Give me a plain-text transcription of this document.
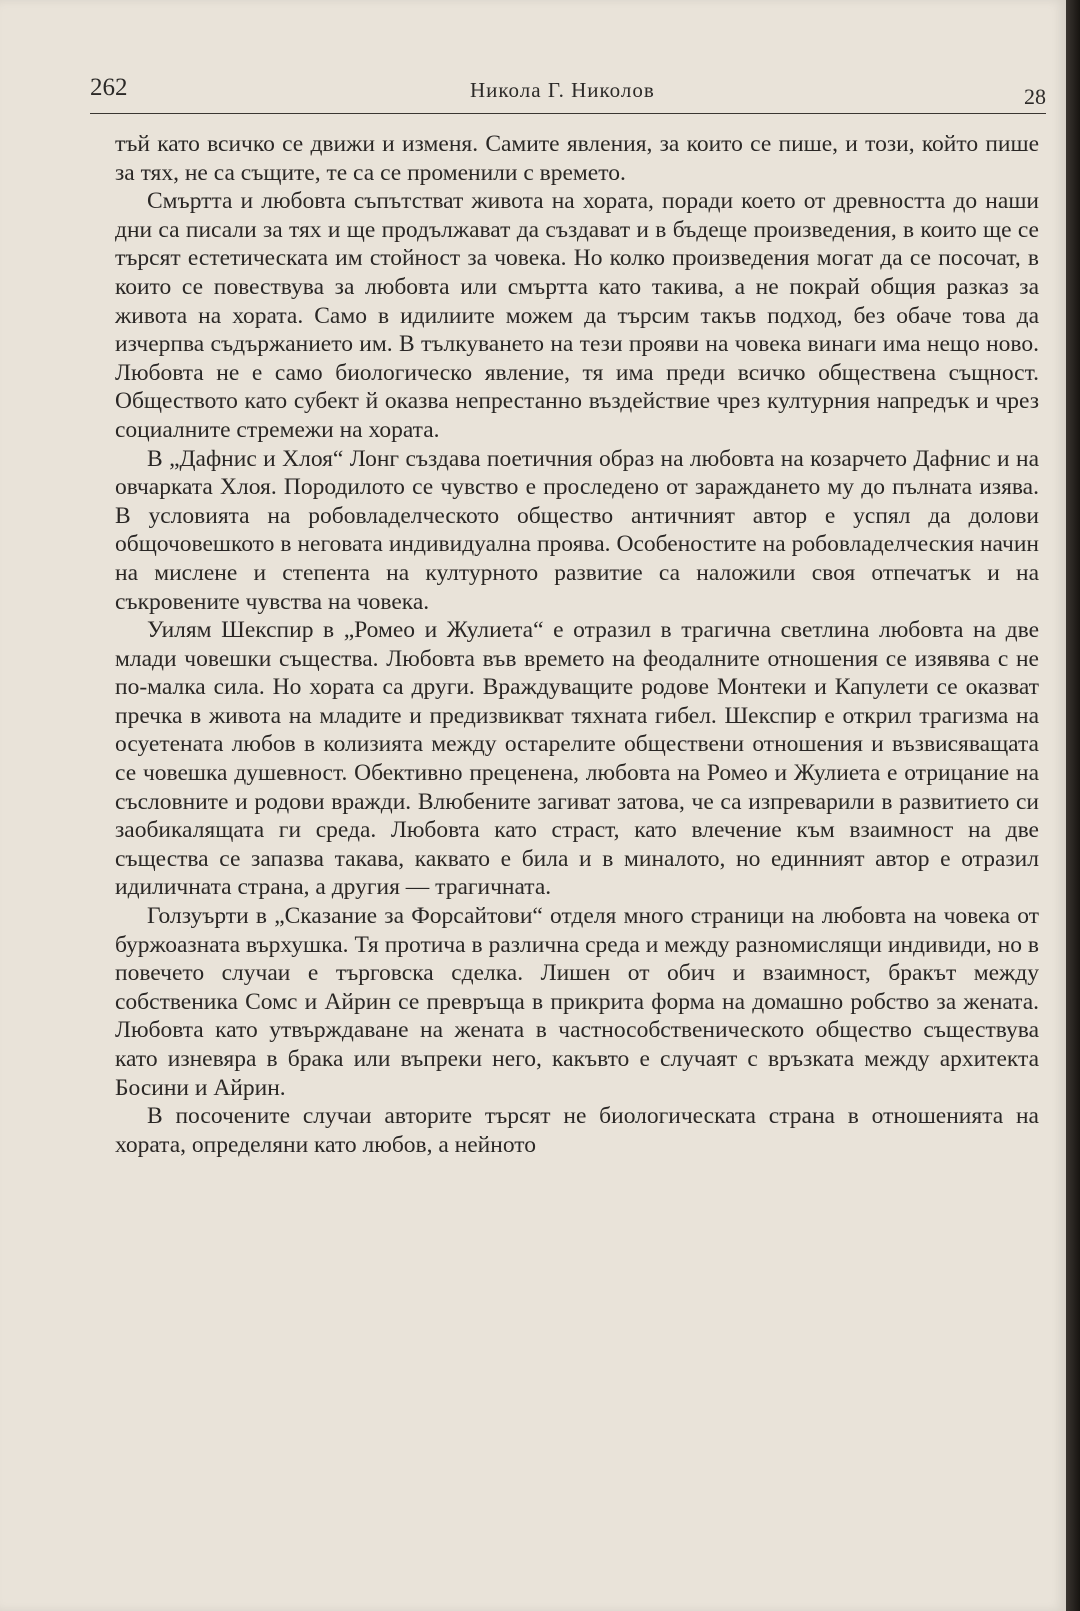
262	Никола Г. Николов	28

тъй като всичко се движи и изменя. Самите явления, за които се пише, и този, който пише за тях, не са същите, те са се променили с времето.

Смъртта и любовта съпътстват живота на хората, поради което от древността до наши дни са писали за тях и ще продължават да създават и в бъдеще произведения, в които ще се търсят естетическата им стойност за човека. Но колко произведения могат да се посочат, в които се повествува за любовта или смъртта като такива, а не покрай общия разказ за живота на хората. Само в идилиите можем да търсим такъв подход, без обаче това да изчерпва съдържанието им. В тълкуването на тези прояви на човека винаги има нещо ново. Любовта не е само биологическо явление, тя има преди всичко обществена същност. Обществото като субект й оказва непрестанно въздействие чрез културния напредък и чрез социалните стремежи на хората.

В „Дафнис и Хлоя“ Лонг създава поетичния образ на любовта на козарчето Дафнис и на овчарката Хлоя. Породилото се чувство е проследено от зараждането му до пълната изява. В условията на робовладелческото общество античният автор е успял да долови общочовешкото в неговата индивидуална проява. Особеностите на робовладелческия начин на мислене и степента на културното развитие са наложили своя отпечатък и на съкровените чувства на човека.

Уилям Шекспир в „Ромео и Жулиета“ е отразил в трагична светлина любовта на две млади човешки същества. Любовта във времето на феодалните отношения се изявява с не по-малка сила. Но хората са други. Враждуващите родове Монтеки и Капулети се оказват пречка в живота на младите и предизвикват тяхната гибел. Шекспир е открил трагизма на осуетената любов в колизията между остарелите обществени отношения и възвисяващата се човешка душевност. Обективно преценена, любовта на Ромео и Жулиета е отрицание на съсловните и родови вражди. Влюбените загиват затова, че са изпреварили в развитието си заобикалящата ги среда. Любовта като страст, като влечение към взаимност на две същества се запазва такава, каквато е била и в миналото, но единният автор е отразил идиличната страна, а другия — трагичната.

Голзуърти в „Сказание за Форсайтови“ отделя много страници на любовта на човека от буржоазната върхушка. Тя протича в различна среда и между разномислящи индивиди, но в повечето случаи е търговска сделка. Лишен от обич и взаимност, бракът между собственика Сомс и Айрин се превръща в прикрита форма на домашно робство за жената. Любовта като утвърждаване на жената в частнособственическото общество съществува като изневяра в брака или въпреки него, какъвто е случаят с връзката между архитекта Босини и Айрин.

В посочените случаи авторите търсят не биологическата страна в отношенията на хората, определяни като любов, а нейното
